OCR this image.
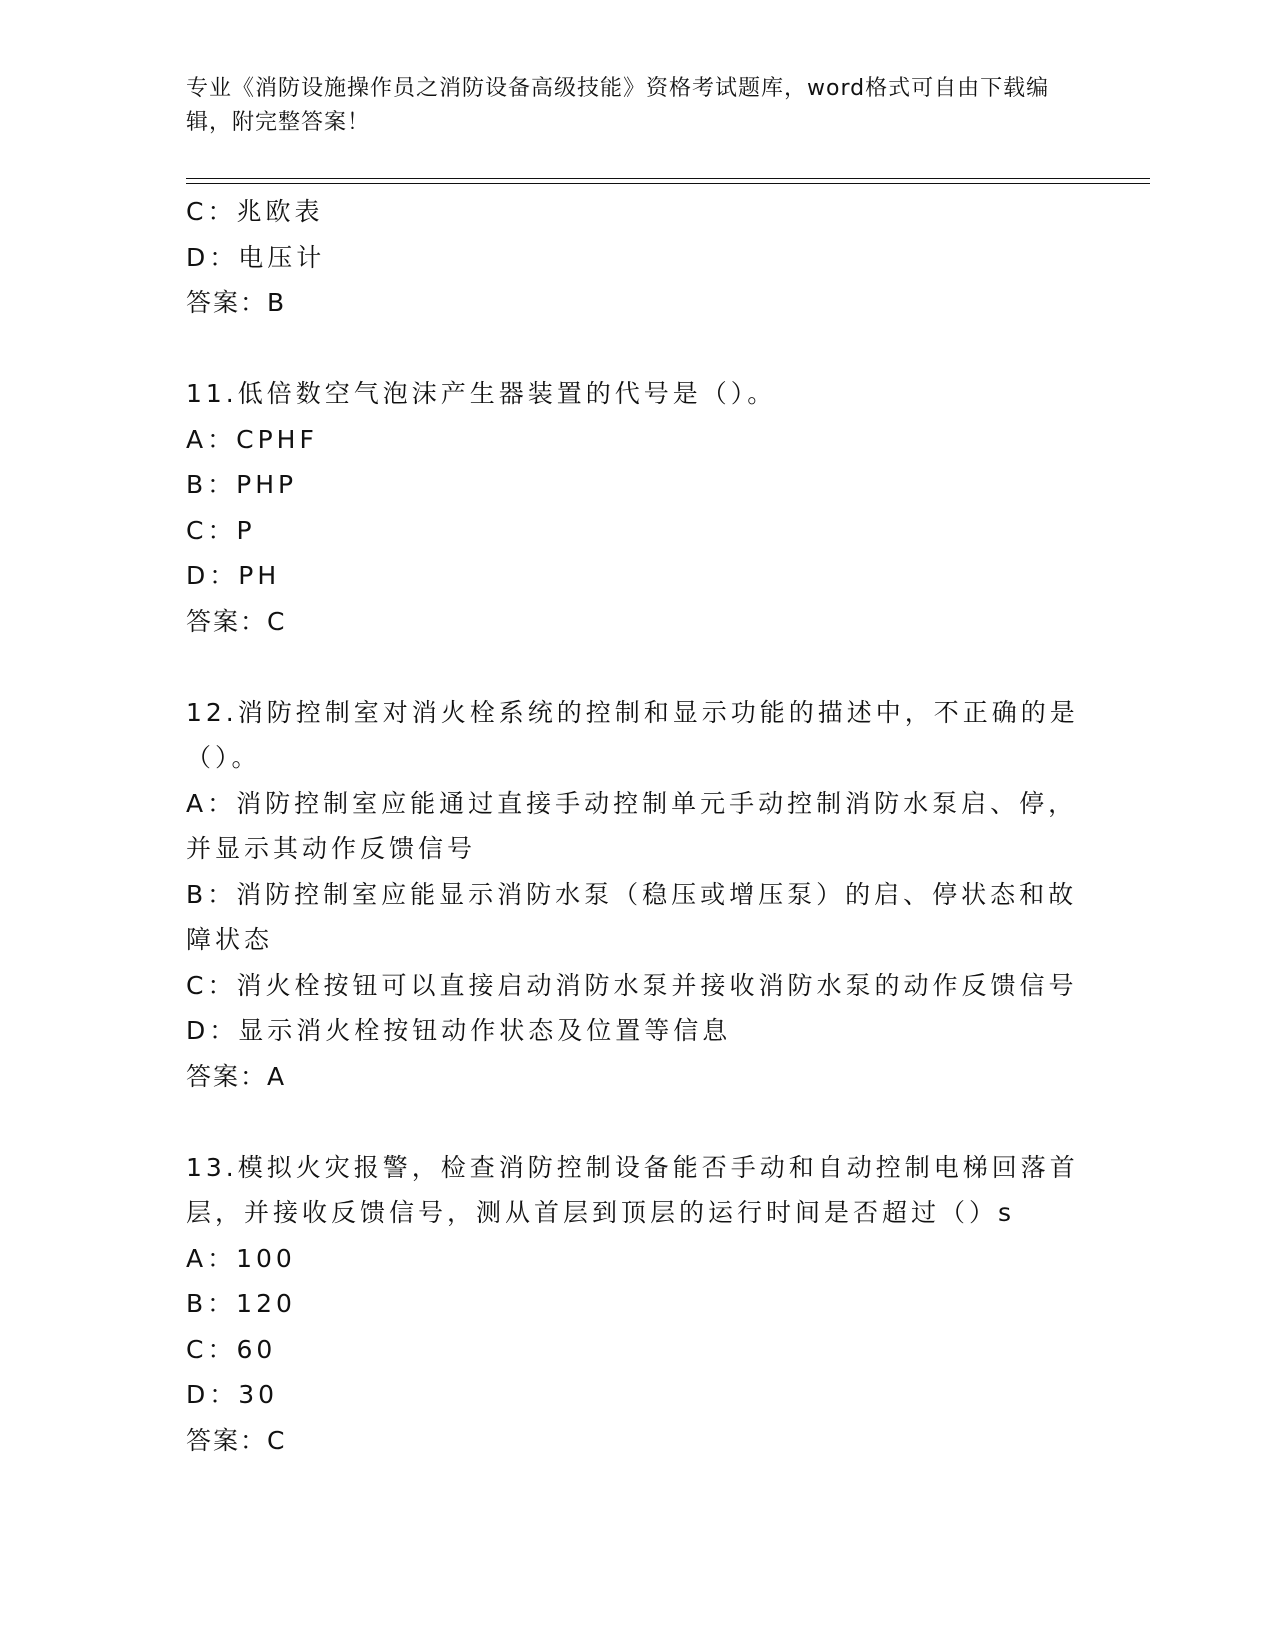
专业《消防设施操作员之消防设备高级技能》资格考试题库，word格式可自由下载编辑，附完整答案！
C：兆欧表
D：电压计
答案：B
11.低倍数空气泡沫产生器装置的代号是（）。
A：CPHF
B：PHP
C：P
D：PH
答案：C
12.消防控制室对消火栓系统的控制和显示功能的描述中，不正确的是（）。
A：消防控制室应能通过直接手动控制单元手动控制消防水泵启、停，并显示其动作反馈信号
B：消防控制室应能显示消防水泵（稳压或增压泵）的启、停状态和故障状态
C：消火栓按钮可以直接启动消防水泵并接收消防水泵的动作反馈信号
D：显示消火栓按钮动作状态及位置等信息
答案：A
13.模拟火灾报警，检查消防控制设备能否手动和自动控制电梯回落首层，并接收反馈信号，测从首层到顶层的运行时间是否超过（）s
A：100
B：120
C：60
D：30
答案：C
